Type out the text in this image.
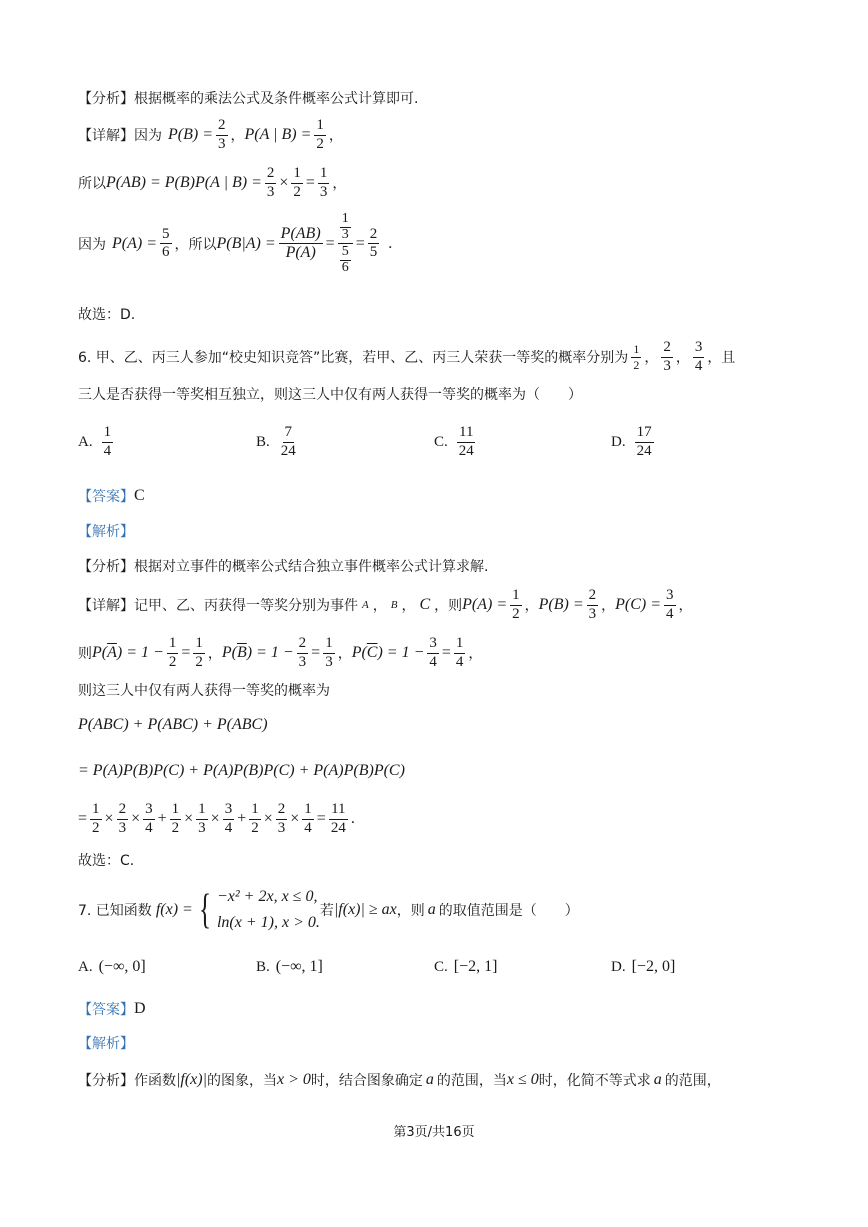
【分析】 根据概率的乘法公式及条件概率公式计算即可.
【详解】 因为 $P(B) = \frac{2}{3}$ ， P(A | $B) = \frac{1}{2}$ ，
所以 P(AB) = P(B)P(A | $B) = \frac{2}{3} \times \frac{1}{2} = \frac{1}{3}$ ，
因为 $P(A) = \frac{5}{6}$ ，所以 $P(B|A) = \frac{P(AB)}{P(A)} = 1$
3
5
$6 = \frac{2}{5}$ .
故选：D.
6. 甲、乙、丙三人参加“校史知识竞答”比赛，若甲、乙、丙三人荣获一等奖的概率分别为 $\frac{1}{2}$ ， $\frac{2}{3}$ ， $\frac{3}{4}$ ，且
三人是否获得一等奖相互独立，则这三人中仅有两人获得一等奖的概率为（　　）
A. $\frac{1}{4}$	B. $\frac{7}{24}$	C. $\frac{11}{24}$	D. $\frac{17}{24}$
【答案】 C
【解析】
【分析】 根据对立事件的概率公式结合独立事件概率公式计算求解.
【详解】 记甲、乙、丙获得一等奖分别为事件 A ， B ， C ，则 $P(A) = \frac{1}{2}$ ， $P(B) = \frac{2}{3}$ ， $P(C) = \frac{3}{4}$ ，
则 P( $\overline{A}$ ) = $1 - \frac{1}{2} = \frac{1}{2}$ ， P( $\overline{B}$ ) = $1 - \frac{2}{3} = \frac{1}{3}$ ， P( $\overline{C}$ ) = $1 - \frac{3}{4} = \frac{1}{4}$ ，
则这三人中仅有两人获得一等奖的概率为
P(ABC) + P(ABC) + P(ABC)
= P(A)P(B)P(C) + P(A)P(B)P(C) + P(A)P(B)P(C)
= $\frac{1}{2} \times \frac{2}{3} \times \frac{3}{4} + \frac{1}{2} \times \frac{1}{3} \times \frac{3}{4} + \frac{1}{2} \times \frac{2}{3} \times \frac{1}{4} = \frac{11}{24}$ .
故选：C.
7. 已知函数 f(x) = { −x² + 2x, x ≤ 0,
ln(x + 1), x > 0.
若 |f(x)| ≥ ax ，则 a 的取值范围是（　　）
A. (−∞, 0]	B. (−∞, 1]	C. [−2, 1]	D. [−2, 0]
【答案】 D
【解析】
【分析】 作函数 |f(x)| 的图象，当 x > 0 时，结合图象确定 a 的范围，当 x ≤ 0 时，化简不等式求 a 的范围，
第3页/共16页
